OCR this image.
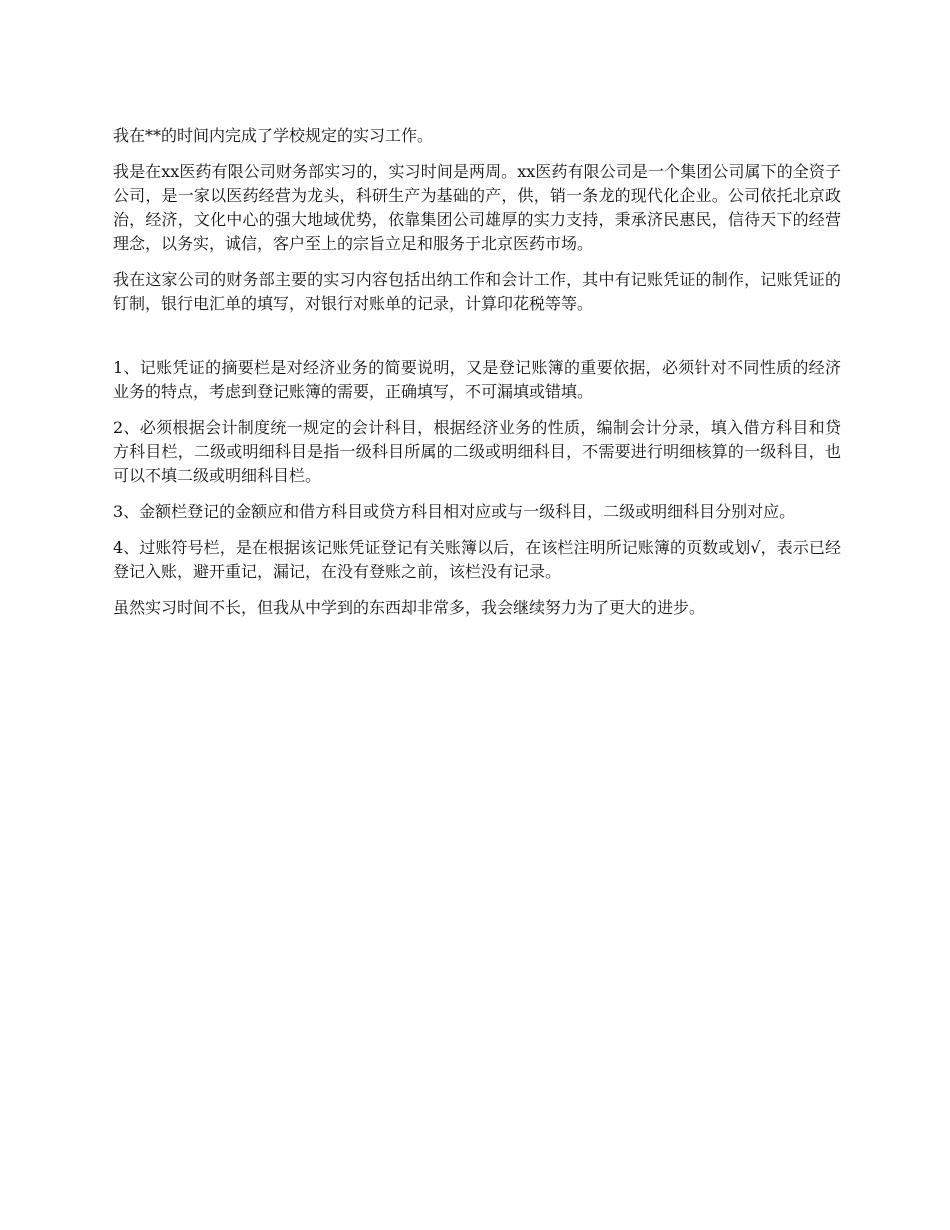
我在**的时间内完成了学校规定的实习工作。

我是在xx医药有限公司财务部实习的，实习时间是两周。xx医药有限公司是一个集团公司属下的全资子公司，是一家以医药经营为龙头，科研生产为基础的产，供，销一条龙的现代化企业。公司依托北京政治，经济，文化中心的强大地域优势，依靠集团公司雄厚的实力支持，秉承济民惠民，信待天下的经营理念，以务实，诚信，客户至上的宗旨立足和服务于北京医药市场。

我在这家公司的财务部主要的实习内容包括出纳工作和会计工作，其中有记账凭证的制作，记账凭证的钉制，银行电汇单的填写，对银行对账单的记录，计算印花税等等。

1、记账凭证的摘要栏是对经济业务的简要说明，又是登记账簿的重要依据，必须针对不同性质的经济业务的特点，考虑到登记账簿的需要，正确填写，不可漏填或错填。

2、必须根据会计制度统一规定的会计科目，根据经济业务的性质，编制会计分录，填入借方科目和贷方科目栏，二级或明细科目是指一级科目所属的二级或明细科目，不需要进行明细核算的一级科目，也可以不填二级或明细科目栏。

3、金额栏登记的金额应和借方科目或贷方科目相对应或与一级科目，二级或明细科目分别对应。

4、过账符号栏，是在根据该记账凭证登记有关账簿以后，在该栏注明所记账簿的页数或划√，表示已经登记入账，避开重记，漏记，在没有登账之前，该栏没有记录。

虽然实习时间不长，但我从中学到的东西却非常多，我会继续努力为了更大的进步。
